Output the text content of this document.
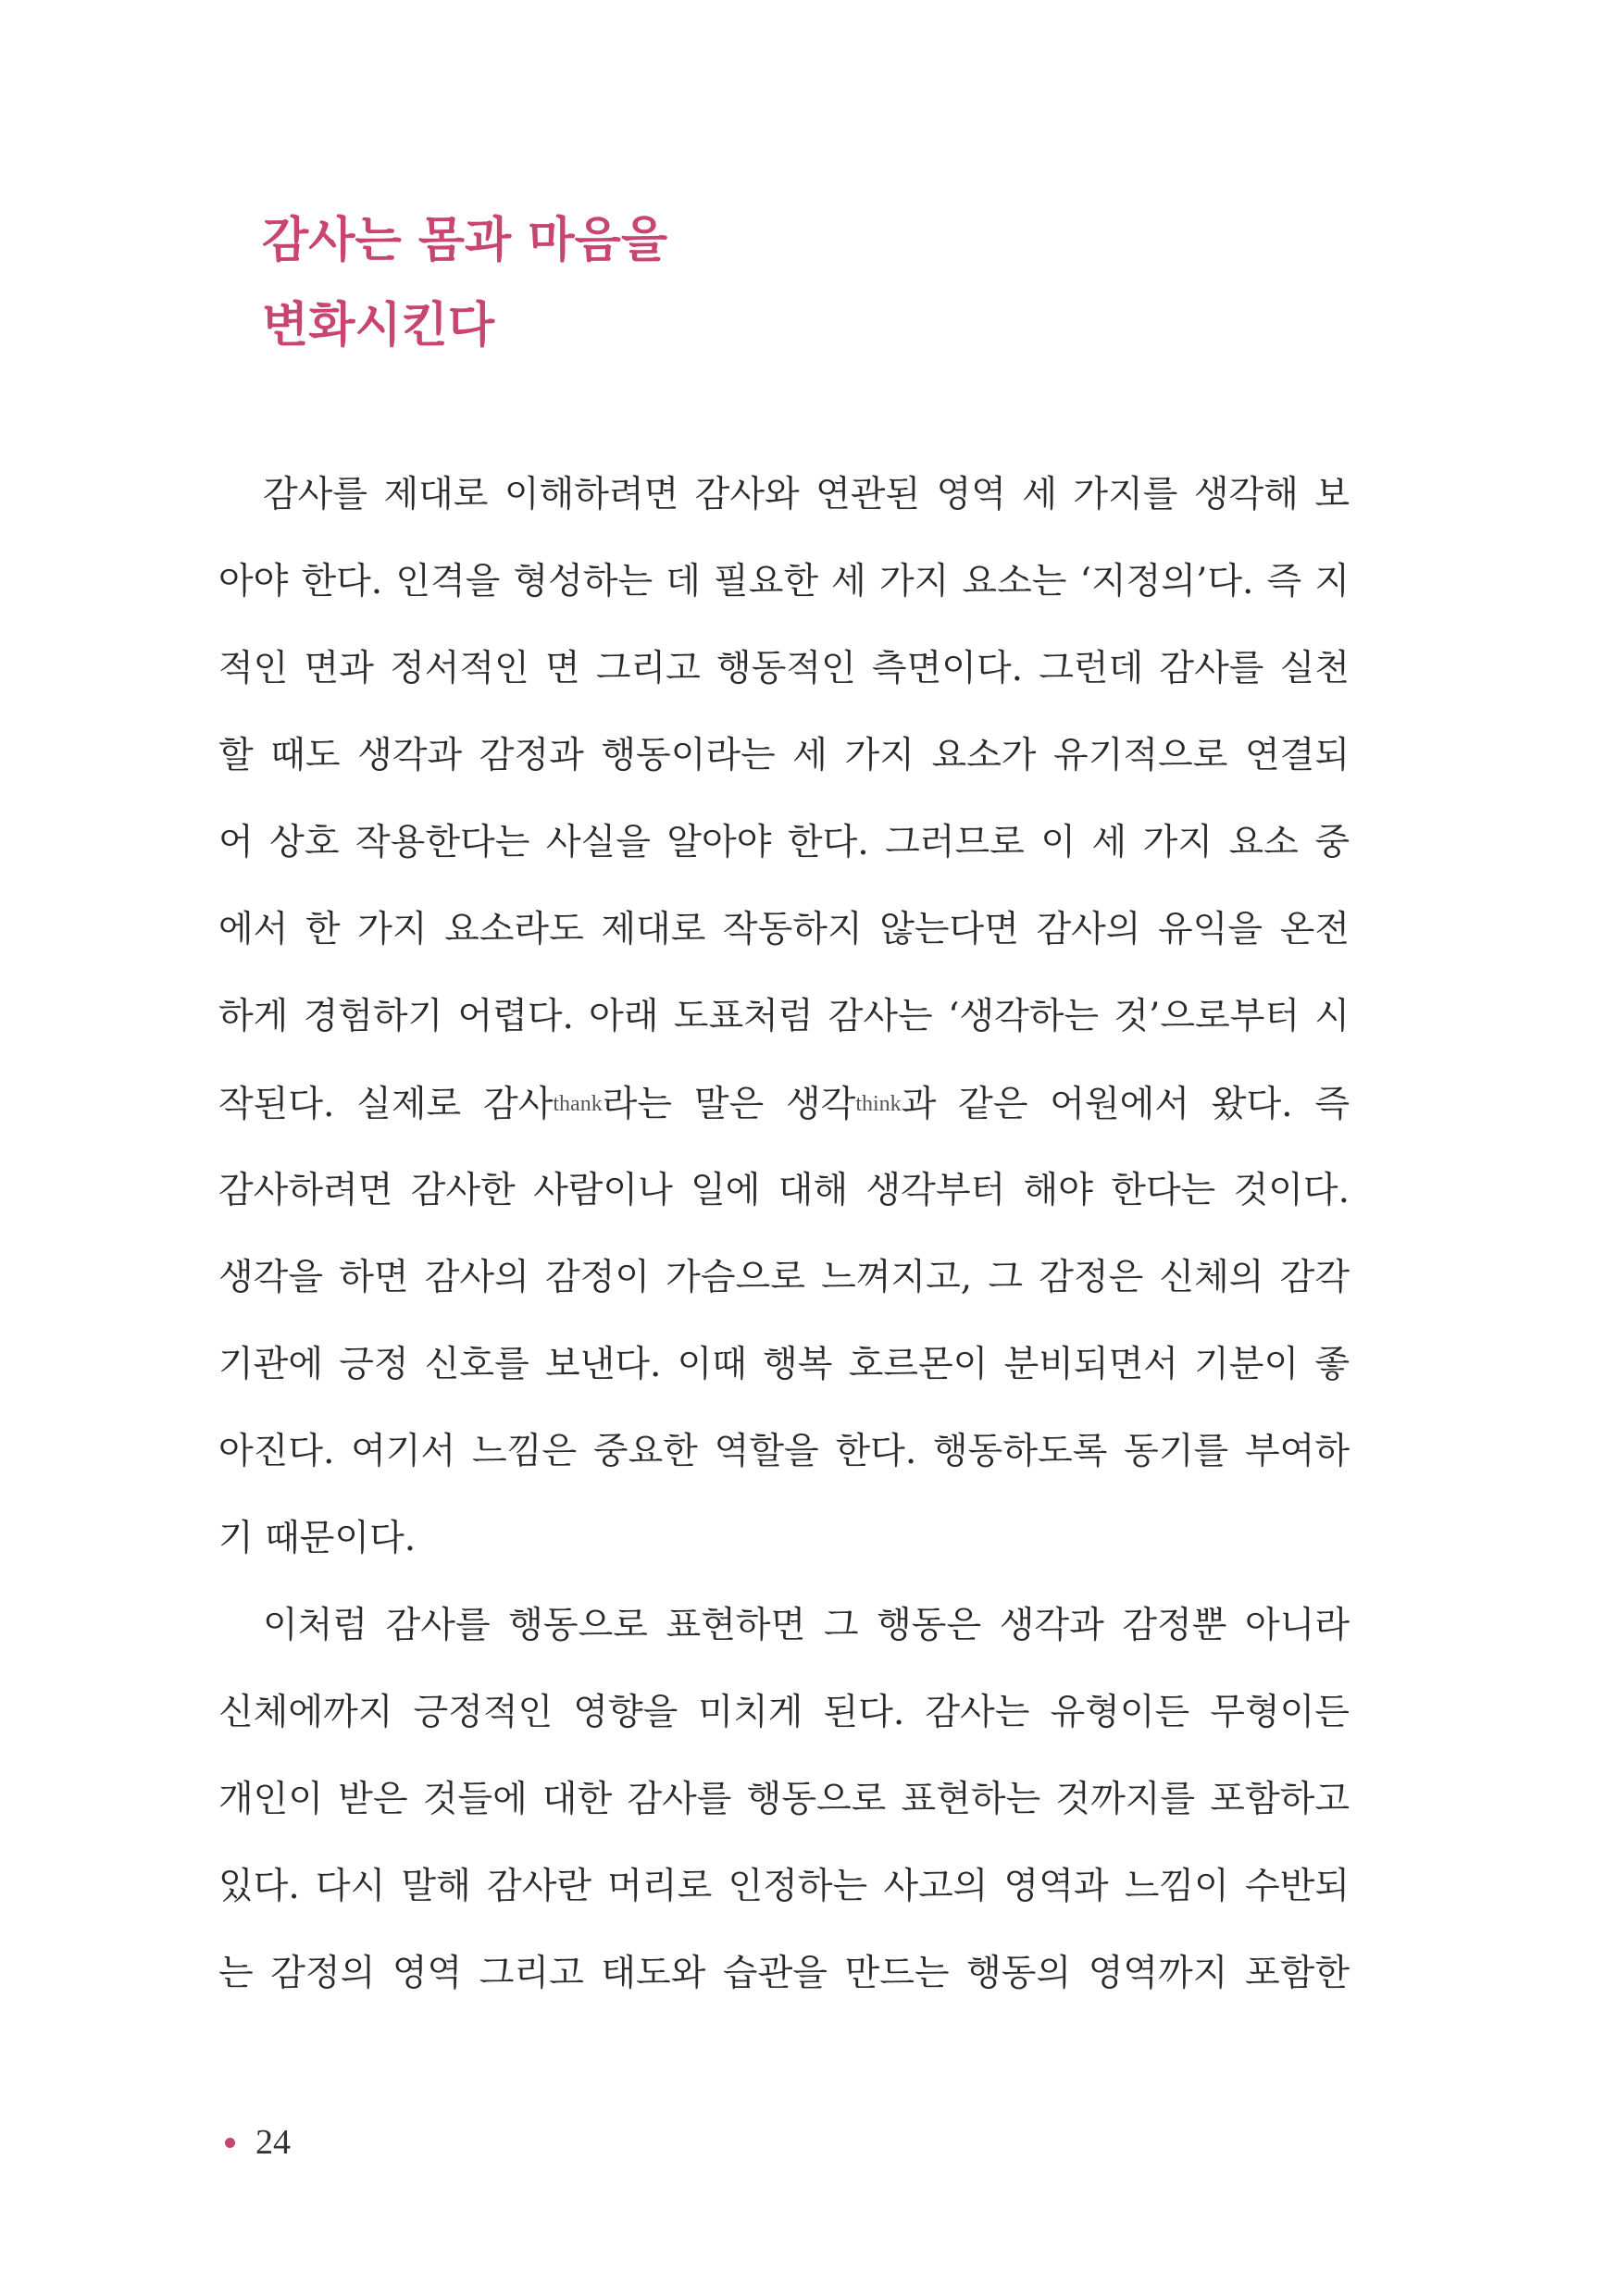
감사는 몸과 마음을
변화시킨다
감사를 제대로 이해하려면 감사와 연관된 영역 세 가지를 생각해 보
아야 한다. 인격을 형성하는 데 필요한 세 가지 요소는 ‘지정의’다. 즉 지
적인 면과 정서적인 면 그리고 행동적인 측면이다. 그런데 감사를 실천
할 때도 생각과 감정과 행동이라는 세 가지 요소가 유기적으로 연결되
어 상호 작용한다는 사실을 알아야 한다. 그러므로 이 세 가지 요소 중
에서 한 가지 요소라도 제대로 작동하지 않는다면 감사의 유익을 온전
하게 경험하기 어렵다. 아래 도표처럼 감사는 ‘생각하는 것’으로부터 시
작된다. 실제로 감사thank라는 말은 생각think과 같은 어원에서 왔다. 즉
감사하려면 감사한 사람이나 일에 대해 생각부터 해야 한다는 것이다.
생각을 하면 감사의 감정이 가슴으로 느껴지고, 그 감정은 신체의 감각
기관에 긍정 신호를 보낸다. 이때 행복 호르몬이 분비되면서 기분이 좋
아진다. 여기서 느낌은 중요한 역할을 한다. 행동하도록 동기를 부여하
기 때문이다.
이처럼 감사를 행동으로 표현하면 그 행동은 생각과 감정뿐 아니라
신체에까지 긍정적인 영향을 미치게 된다. 감사는 유형이든 무형이든
개인이 받은 것들에 대한 감사를 행동으로 표현하는 것까지를 포함하고
있다. 다시 말해 감사란 머리로 인정하는 사고의 영역과 느낌이 수반되
는 감정의 영역 그리고 태도와 습관을 만드는 행동의 영역까지 포함한
24
